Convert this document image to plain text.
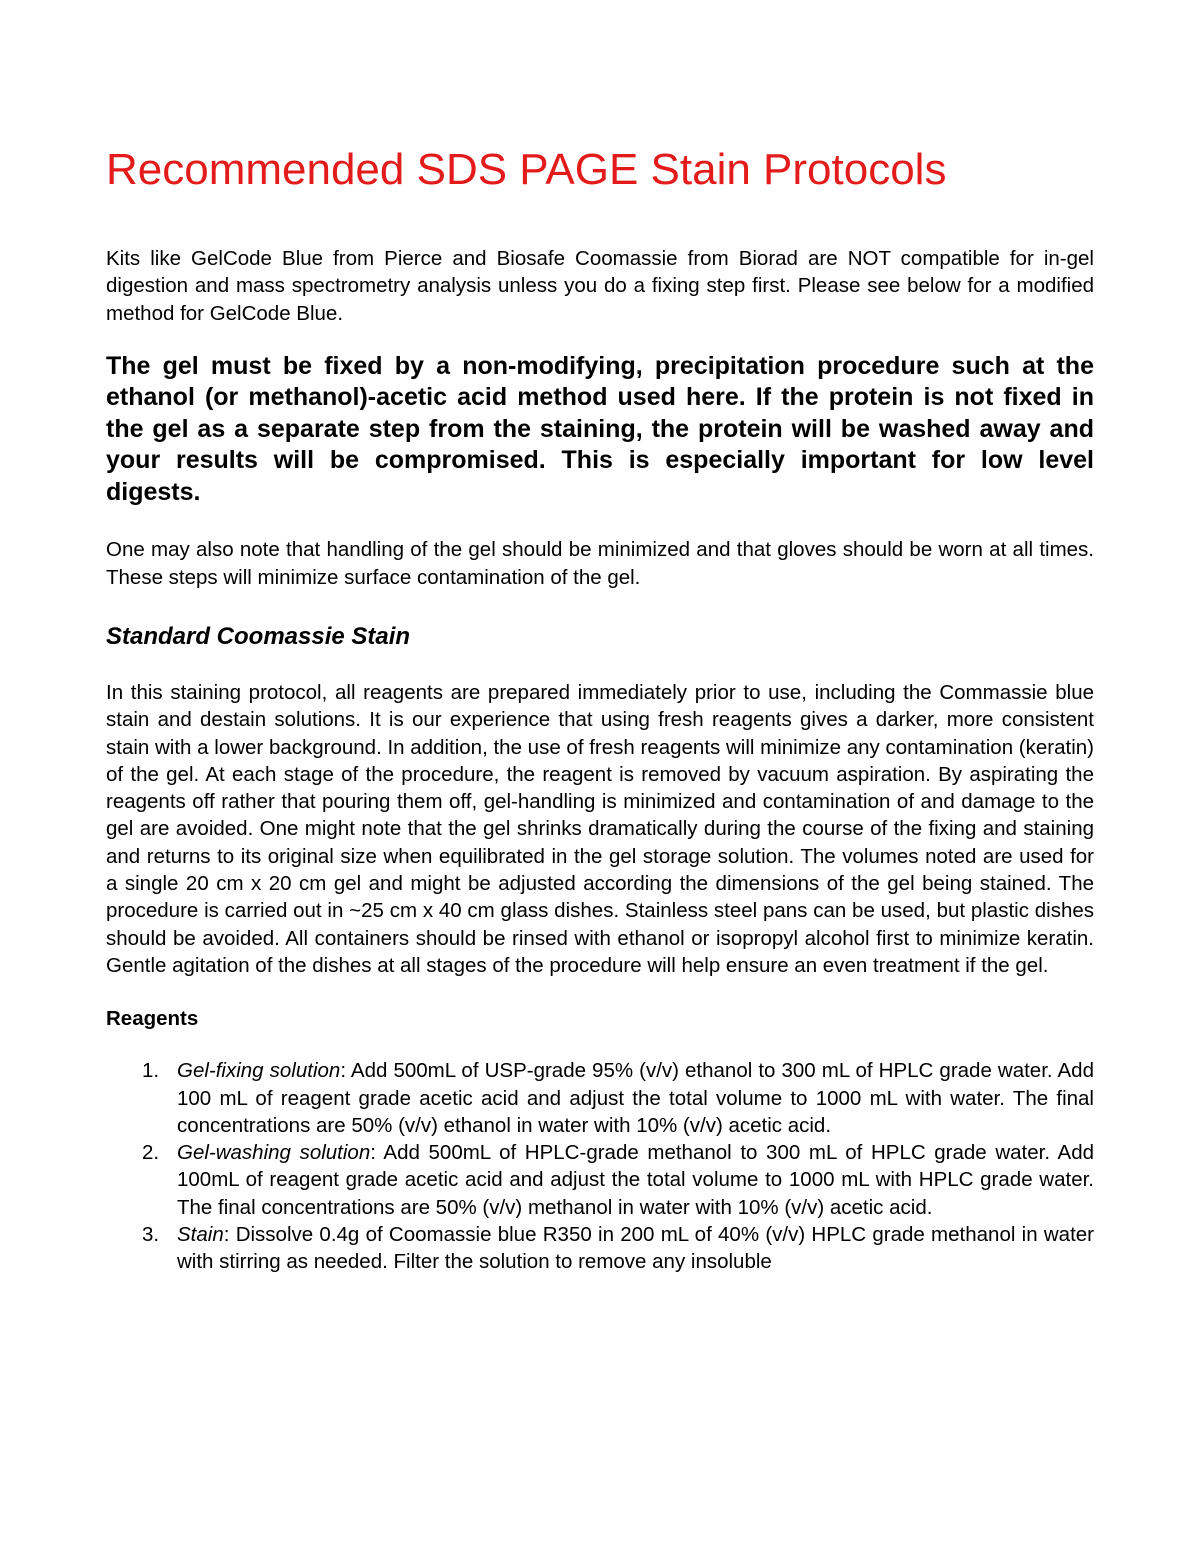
Recommended SDS PAGE Stain Protocols

Kits like GelCode Blue from Pierce and Biosafe Coomassie from Biorad are NOT compatible for in-gel digestion and mass spectrometry analysis unless you do a fixing step first. Please see below for a modified method for GelCode Blue.

The gel must be fixed by a non-modifying, precipitation procedure such at the ethanol (or methanol)-acetic acid method used here. If the protein is not fixed in the gel as a separate step from the staining, the protein will be washed away and your results will be compromised. This is especially important for low level digests.

One may also note that handling of the gel should be minimized and that gloves should be worn at all times. These steps will minimize surface contamination of the gel.

Standard Coomassie Stain

In this staining protocol, all reagents are prepared immediately prior to use, including the Commassie blue stain and destain solutions. It is our experience that using fresh reagents gives a darker, more consistent stain with a lower background. In addition, the use of fresh reagents will minimize any contamination (keratin) of the gel. At each stage of the procedure, the reagent is removed by vacuum aspiration. By aspirating the reagents off rather that pouring them off, gel-handling is minimized and contamination of and damage to the gel are avoided. One might note that the gel shrinks dramatically during the course of the fixing and staining and returns to its original size when equilibrated in the gel storage solution. The volumes noted are used for a single 20 cm x 20 cm gel and might be adjusted according the dimensions of the gel being stained. The procedure is carried out in ~25 cm x 40 cm glass dishes. Stainless steel pans can be used, but plastic dishes should be avoided. All containers should be rinsed with ethanol or isopropyl alcohol first to minimize keratin. Gentle agitation of the dishes at all stages of the procedure will help ensure an even treatment if the gel.

Reagents
1. Gel-fixing solution: Add 500mL of USP-grade 95% (v/v) ethanol to 300 mL of HPLC grade water. Add 100 mL of reagent grade acetic acid and adjust the total volume to 1000 mL with water. The final concentrations are 50% (v/v) ethanol in water with 10% (v/v) acetic acid.
2. Gel-washing solution: Add 500mL of HPLC-grade methanol to 300 mL of HPLC grade water. Add 100mL of reagent grade acetic acid and adjust the total volume to 1000 mL with HPLC grade water. The final concentrations are 50% (v/v) methanol in water with 10% (v/v) acetic acid.
3. Stain: Dissolve 0.4g of Coomassie blue R350 in 200 mL of 40% (v/v) HPLC grade methanol in water with stirring as needed. Filter the solution to remove any insoluble
